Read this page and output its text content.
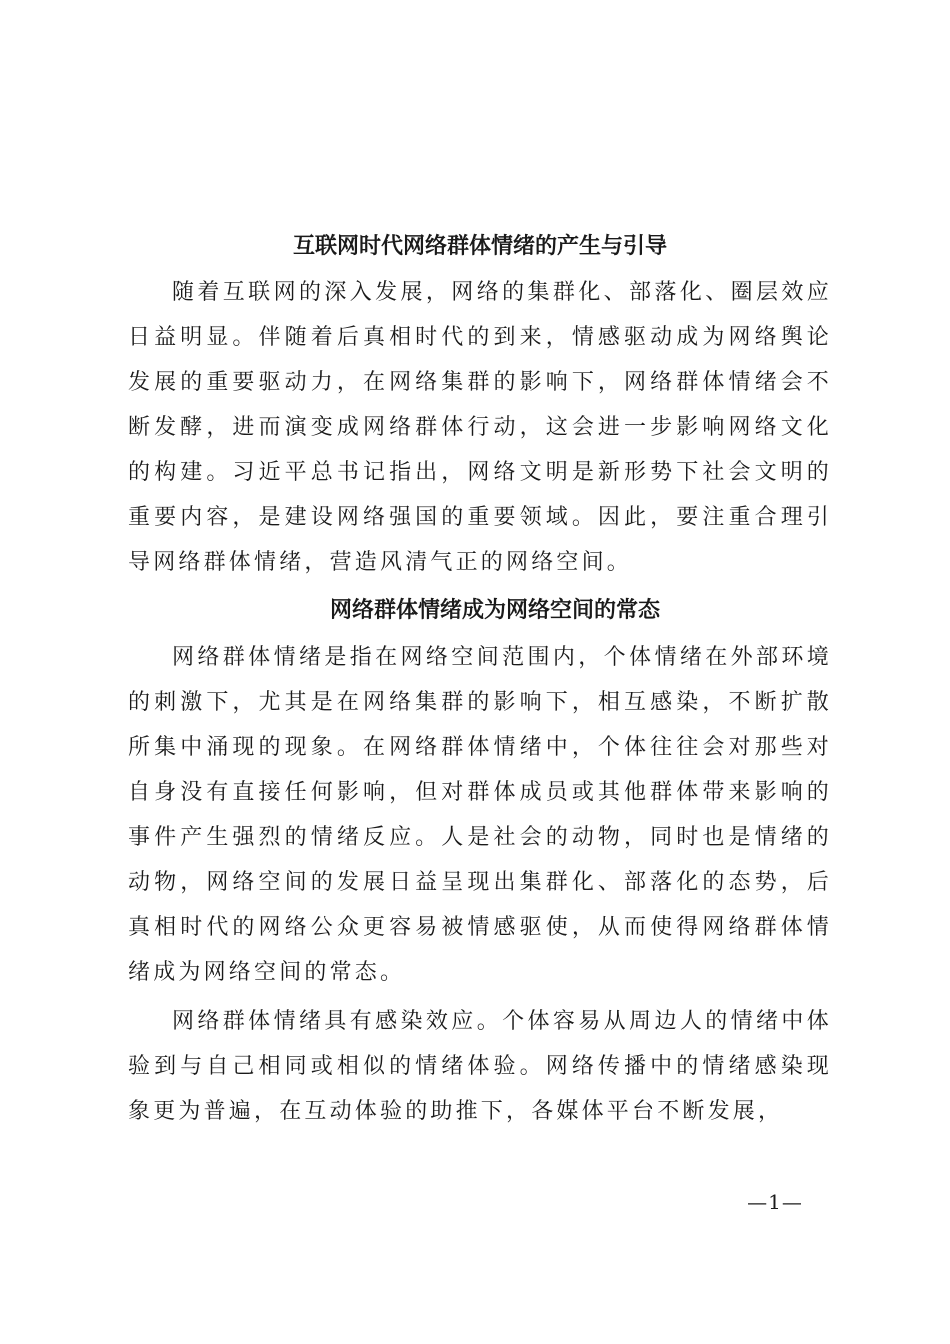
互联网时代网络群体情绪的产生与引导

随着互联网的深入发展，网络的集群化、部落化、圈层效应日益明显。伴随着后真相时代的到来，情感驱动成为网络舆论发展的重要驱动力，在网络集群的影响下，网络群体情绪会不断发酵，进而演变成网络群体行动，这会进一步影响网络文化的构建。习近平总书记指出，网络文明是新形势下社会文明的重要内容，是建设网络强国的重要领域。因此，要注重合理引导网络群体情绪，营造风清气正的网络空间。

网络群体情绪成为网络空间的常态

网络群体情绪是指在网络空间范围内，个体情绪在外部环境的刺激下，尤其是在网络集群的影响下，相互感染，不断扩散所集中涌现的现象。在网络群体情绪中，个体往往会对那些对自身没有直接任何影响，但对群体成员或其他群体带来影响的事件产生强烈的情绪反应。人是社会的动物，同时也是情绪的动物，网络空间的发展日益呈现出集群化、部落化的态势，后真相时代的网络公众更容易被情感驱使，从而使得网络群体情绪成为网络空间的常态。

网络群体情绪具有感染效应。个体容易从周边人的情绪中体验到与自己相同或相似的情绪体验。网络传播中的情绪感染现象更为普遍，在互动体验的助推下，各媒体平台不断发展，

—1—
